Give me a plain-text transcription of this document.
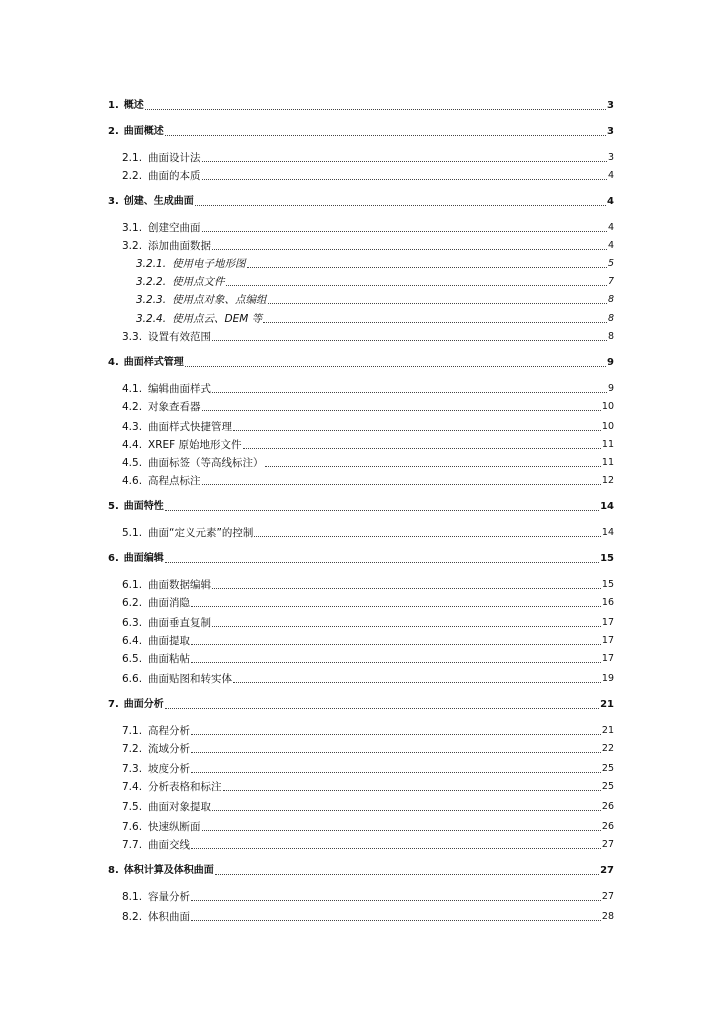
1. 概述	3
2. 曲面概述	3
2.1. 曲面设计法	3
2.2. 曲面的本质	4
3. 创建、生成曲面	4
3.1. 创建空曲面	4
3.2. 添加曲面数据	4
3.2.1. 使用电子地形图	5
3.2.2. 使用点文件	7
3.2.3. 使用点对象、点编组	8
3.2.4. 使用点云、DEM 等	8
3.3. 设置有效范围	8
4. 曲面样式管理	9
4.1. 编辑曲面样式	9
4.2. 对象查看器	10
4.3. 曲面样式快捷管理	10
4.4. XREF 原始地形文件	11
4.5. 曲面标签（等高线标注）	11
4.6. 高程点标注	12
5. 曲面特性	14
5.1. 曲面“定义元素”的控制	14
6. 曲面编辑	15
6.1. 曲面数据编辑	15
6.2. 曲面消隐	16
6.3. 曲面垂直复制	17
6.4. 曲面提取	17
6.5. 曲面粘帖	17
6.6. 曲面贴图和转实体	19
7. 曲面分析	21
7.1. 高程分析	21
7.2. 流域分析	22
7.3. 坡度分析	25
7.4. 分析表格和标注	25
7.5. 曲面对象提取	26
7.6. 快速纵断面	26
7.7. 曲面交线	27
8. 体积计算及体积曲面	27
8.1. 容量分析	27
8.2. 体积曲面	28
